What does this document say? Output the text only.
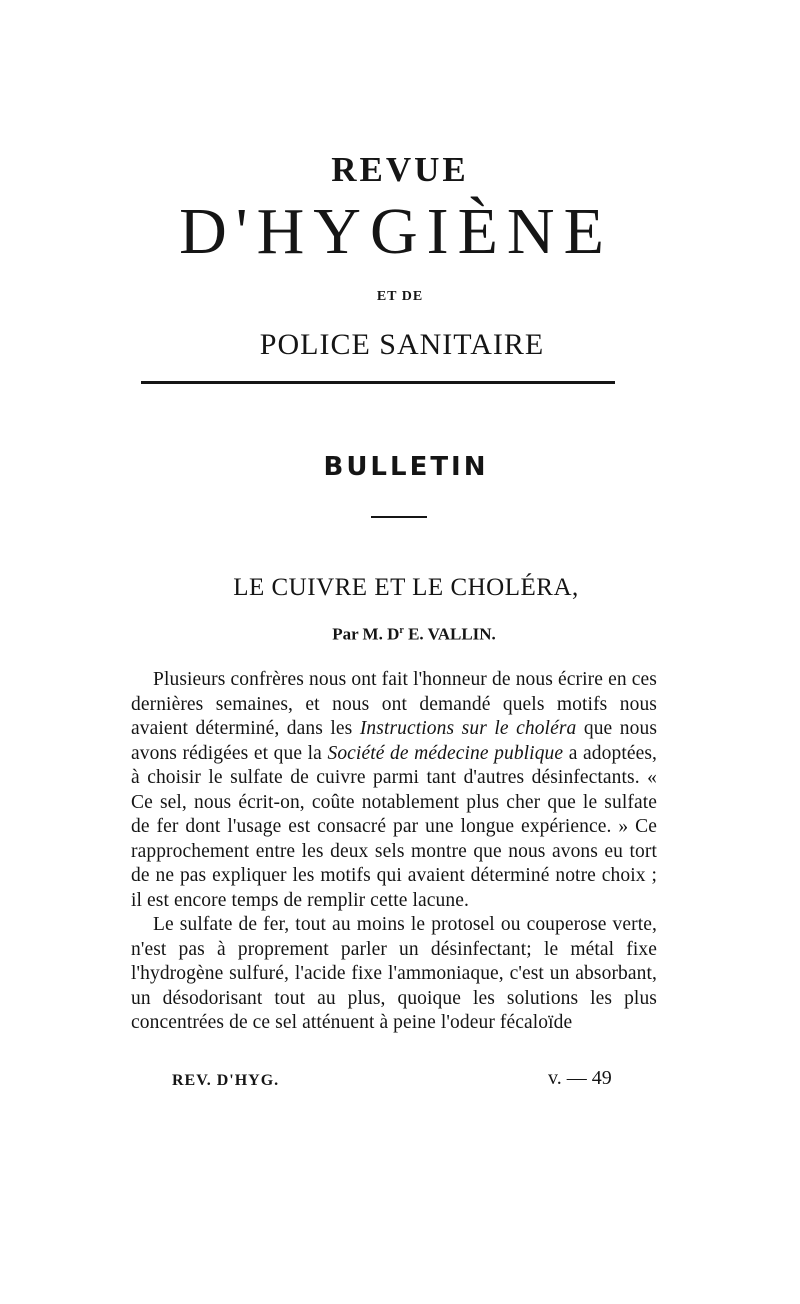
REVUE
D'HYGIÈNE
ET DE
POLICE SANITAIRE
BULLETIN
LE CUIVRE ET LE CHOLÉRA,
Par M. $D^r$ E. VALLIN.

Plusieurs confrères nous ont fait l'honneur de nous écrire en ces dernières semaines, et nous ont demandé quels motifs nous avaient déterminé, dans les Instructions sur le choléra que nous avons rédigées et que la Société de médecine publique a adoptées, à choisir le sulfate de cuivre parmi tant d'autres désinfectants. « Ce sel, nous écrit-on, coûte notablement plus cher que le sulfate de fer dont l'usage est consacré par une longue expérience. » Ce rapprochement entre les deux sels montre que nous avons eu tort de ne pas expliquer les motifs qui avaient déterminé notre choix ; il est encore temps de remplir cette lacune.

Le sulfate de fer, tout au moins le protosel ou couperose verte, n'est pas à proprement parler un désinfectant; le métal fixe l'hydrogène sulfuré, l'acide fixe l'ammoniaque, c'est un absorbant, un désodorisant tout au plus, quoique les solutions les plus concentrées de ce sel atténuent à peine l'odeur fécaloïde

REV. D'HYG.	v. — 49
